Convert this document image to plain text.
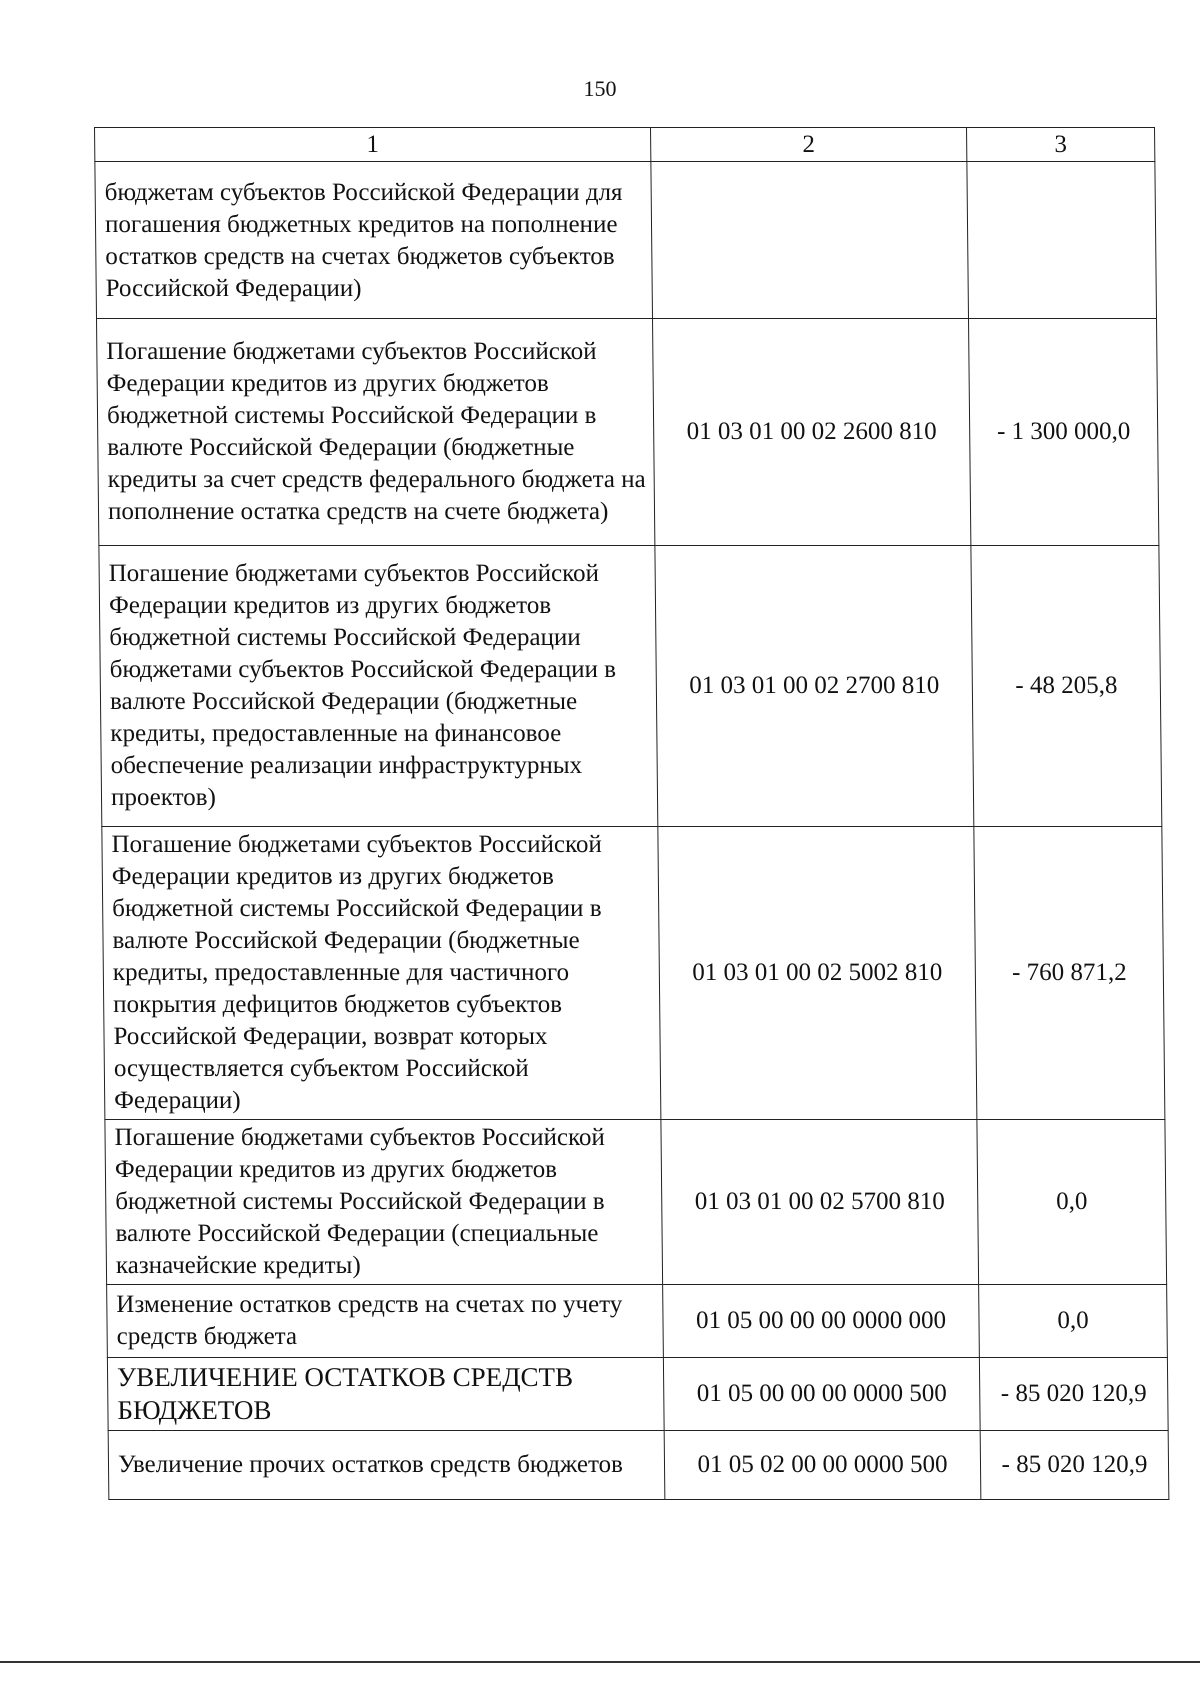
150
1	2	3
бюджетам субъектов Российской Федерации для погашения бюджетных кредитов на пополнение остатков средств на счетах бюджетов субъектов Российской Федерации)		
Погашение бюджетами субъектов Российской Федерации кредитов из других бюджетов бюджетной системы Российской Федерации в валюте Российской Федерации (бюджетные кредиты за счет средств федерального бюджета на пополнение остатка средств на счете бюджета)	01 03 01 00 02 2600 810	- 1 300 000,0
Погашение бюджетами субъектов Российской Федерации кредитов из других бюджетов бюджетной системы Российской Федерации бюджетами субъектов Российской Федерации в валюте Российской Федерации (бюджетные кредиты, предоставленные на финансовое обеспечение реализации инфраструктурных проектов)	01 03 01 00 02 2700 810	- 48 205,8
Погашение бюджетами субъектов Российской Федерации кредитов из других бюджетов бюджетной системы Российской Федерации в валюте Российской Федерации (бюджетные кредиты, предоставленные для частичного покрытия дефицитов бюджетов субъектов Российской Федерации, возврат которых осуществляется субъектом Российской Федерации)	01 03 01 00 02 5002 810	- 760 871,2
Погашение бюджетами субъектов Российской Федерации кредитов из других бюджетов бюджетной системы Российской Федерации в валюте Российской Федерации (специальные казначейские кредиты)	01 03 01 00 02 5700 810	0,0
Изменение остатков средств на счетах по учету средств бюджета	01 05 00 00 00 0000 000	0,0
УВЕЛИЧЕНИЕ ОСТАТКОВ СРЕДСТВ БЮДЖЕТОВ	01 05 00 00 00 0000 500	- 85 020 120,9
Увеличение прочих остатков средств бюджетов	01 05 02 00 00 0000 500	- 85 020 120,9
